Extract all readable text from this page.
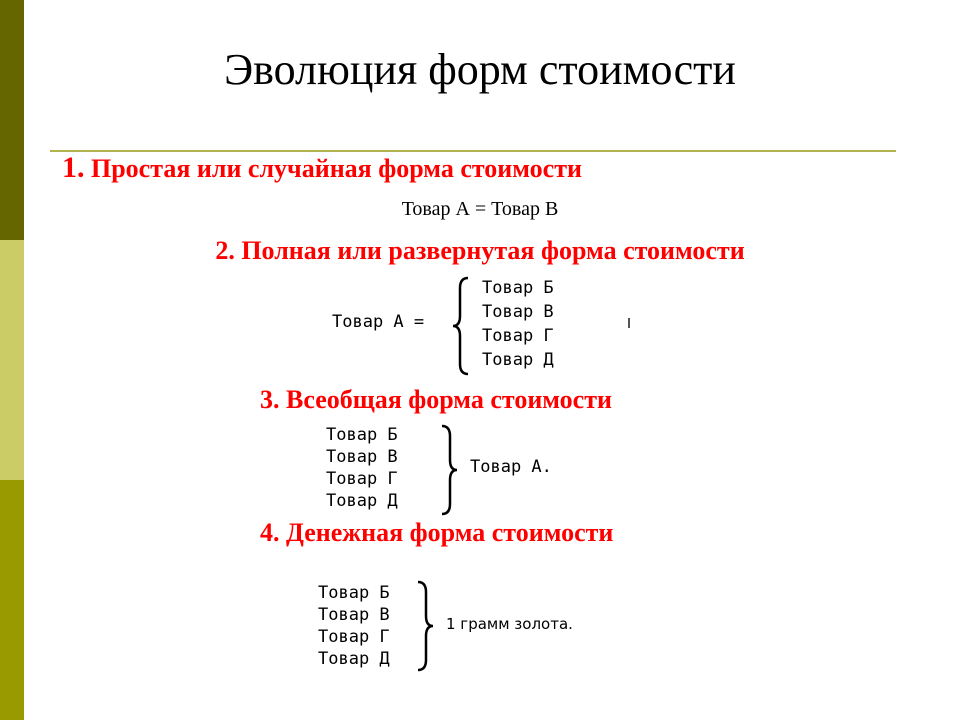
Эволюция форм стоимости
1. Простая или случайная форма стоимости
Товар А = Товар В
2. Полная или развернутая форма стоимости
Товар А =
Товар Б
Товар В
Товар Г
Товар Д
3. Всеобщая форма стоимости
Товар Б
Товар В
Товар Г
Товар Д
Товар А.
4. Денежная форма стоимости
Товар Б
Товар В
Товар Г
Товар Д
1 грамм золота.
